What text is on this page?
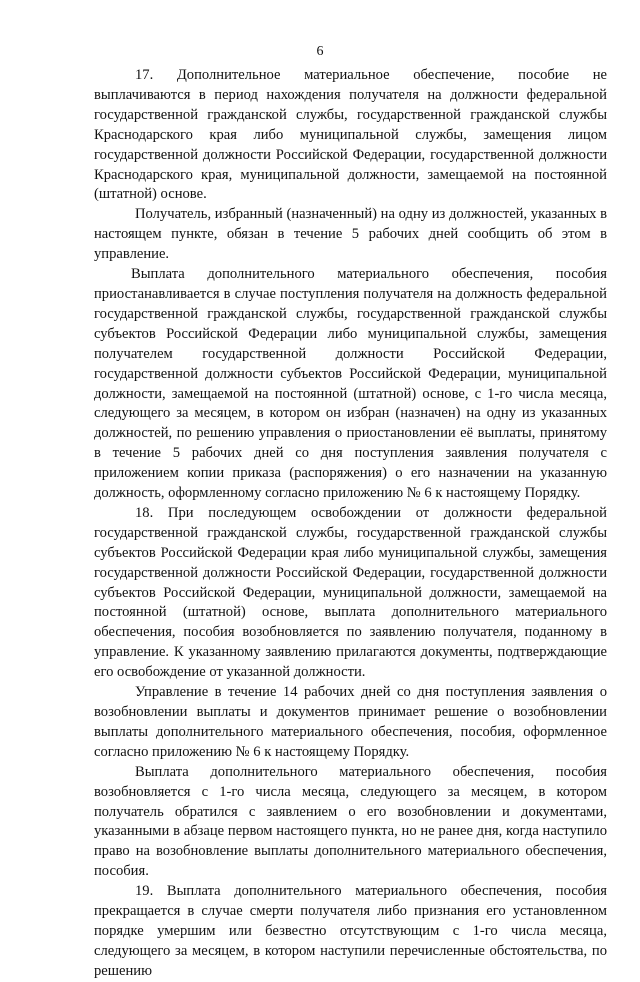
6

17. Дополнительное материальное обеспечение, пособие не выплачиваются в период нахождения получателя на должности федеральной государственной гражданской службы, государственной гражданской службы Краснодарского края либо муниципальной службы, замещения лицом государственной должности Российской Федерации, государственной должности Краснодарского края, муниципальной должности, замещаемой на постоянной (штатной) основе.

Получатель, избранный (назначенный) на одну из должностей, указанных в настоящем пункте, обязан в течение 5 рабочих дней сообщить об этом в управление.

Выплата дополнительного материального обеспечения, пособия приостанавливается в случае поступления получателя на должность федеральной государственной гражданской службы, государственной гражданской службы субъектов Российской Федерации либо муниципальной службы, замещения получателем государственной должности Российской Федерации, государственной должности субъектов Российской Федерации, муниципальной должности, замещаемой на постоянной (штатной) основе, с 1-го числа месяца, следующего за месяцем, в котором он избран (назначен) на одну из указанных должностей, по решению управления о приостановлении её выплаты, принятому в течение 5 рабочих дней со дня поступления заявления получателя с приложением копии приказа (распоряжения) о его назначении на указанную должность, оформленному согласно приложению № 6 к настоящему Порядку.

18. При последующем освобождении от должности федеральной государственной гражданской службы, государственной гражданской службы субъектов Российской Федерации края либо муниципальной службы, замещения государственной должности Российской Федерации, государственной должности субъектов Российской Федерации, муниципальной должности, замещаемой на постоянной (штатной) основе, выплата дополнительного материального обеспечения, пособия возобновляется по заявлению получателя, поданному в управление. К указанному заявлению прилагаются документы, подтверждающие его освобождение от указанной должности.

Управление в течение 14 рабочих дней со дня поступления заявления о возобновлении выплаты и документов принимает решение о возобновлении выплаты дополнительного материального обеспечения, пособия, оформленное согласно приложению № 6 к настоящему Порядку.

Выплата дополнительного материального обеспечения, пособия возобновляется с 1-го числа месяца, следующего за месяцем, в котором получатель обратился с заявлением о его возобновлении и документами, указанными в абзаце первом настоящего пункта, но не ранее дня, когда наступило право на возобновление выплаты дополнительного материального обеспечения, пособия.

19. Выплата дополнительного материального обеспечения, пособия прекращается в случае смерти получателя либо признания его установленном порядке умершим или безвестно отсутствующим с 1-го числа месяца, следующего за месяцем, в котором наступили перечисленные обстоятельства, по решению
